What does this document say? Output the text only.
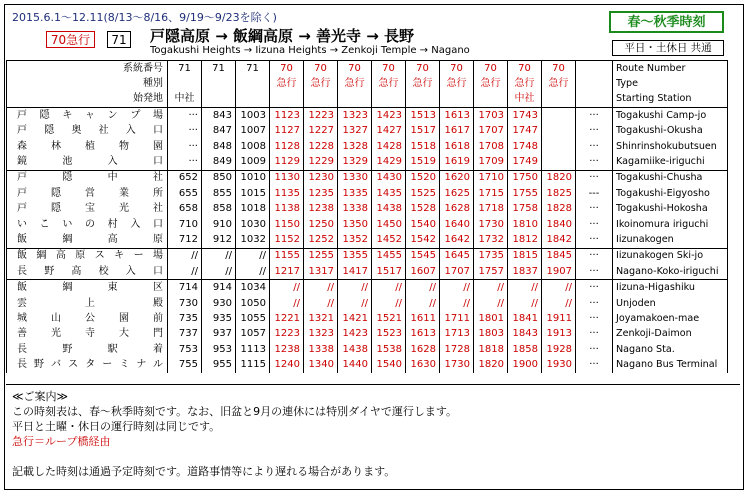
2015.6.1〜12.11(8/13〜8/16、9/19〜9/23を除く)
70急行	71 戸隠高原 → 飯綱高原 → 善光寺 → 長野
Togakushi Heights → Iizuna Heights → Zenkoji Temple → Nagano
春〜秋季時刻
平日・土休日 共通
系統番号	71	71	71	70	70	70	70	70	70	70	70	70		Route Number
種別				急行	急行	急行	急行	急行	急行	急行	急行	急行		Type
始発地	中社										中社			Starting Station
戸隠キャンプ場	···	843	1003	1123	1223	1323	1423	1513	1613	1703	1743		···	Togakushi Camp-jo
戸隠奥社入口	···	847	1007	1127	1227	1327	1427	1517	1617	1707	1747		···	Togakushi-Okusha
森林植物園	···	848	1008	1128	1228	1328	1428	1518	1618	1708	1748		···	Shinrinshokubutsuen
鏡池入口	···	849	1009	1129	1229	1329	1429	1519	1619	1709	1749		···	Kagamiike-iriguchi
戸隠中社	652	850	1010	1130	1230	1330	1430	1520	1620	1710	1750	1820	···	Togakushi-Chusha
戸隠営業所	655	855	1015	1135	1235	1335	1435	1525	1625	1715	1755	1825	---	Togakushi-Eigyosho
戸隠宝光社	658	858	1018	1138	1238	1338	1438	1528	1628	1718	1758	1828	···	Togakushi-Hokosha
いこいの村入口	710	910	1030	1150	1250	1350	1450	1540	1640	1730	1810	1840	···	Ikoinomura iriguchi
飯綱高原	712	912	1032	1152	1252	1352	1452	1542	1642	1732	1812	1842	···	Iizunakogen
飯綱高原スキー場	//	//	//	1155	1255	1355	1455	1545	1645	1735	1815	1845	···	Iizunakogen Ski-jo
長野高校入口	//	//	//	1217	1317	1417	1517	1607	1707	1757	1837	1907	···	Nagano-Koko-iriguchi
飯綱東区	714	914	1034	//	//	//	//	//	//	//	//	//	···	Iizuna-Higashiku
雲上殿	730	930	1050	//	//	//	//	//	//	//	//	//	···	Unjoden
城山公園前	735	935	1055	1221	1321	1421	1521	1611	1711	1801	1841	1911	···	Joyamakoen-mae
善光寺大門	737	937	1057	1223	1323	1423	1523	1613	1713	1803	1843	1913	···	Zenkoji-Daimon
長野駅着	753	953	1113	1238	1338	1438	1538	1628	1728	1818	1858	1928	···	Nagano Sta.
長野バスターミナル	755	955	1115	1240	1340	1440	1540	1630	1730	1820	1900	1930	···	Nagano Bus Terminal
≪ご案内≫
この時刻表は、春〜秋季時刻です。なお、旧盆と9月の連休には特別ダイヤで運行します。
平日と土曜・休日の運行時刻は同じです。
急行＝ループ橋経由
記載した時刻は通過予定時刻です。道路事情等により遅れる場合があります。
